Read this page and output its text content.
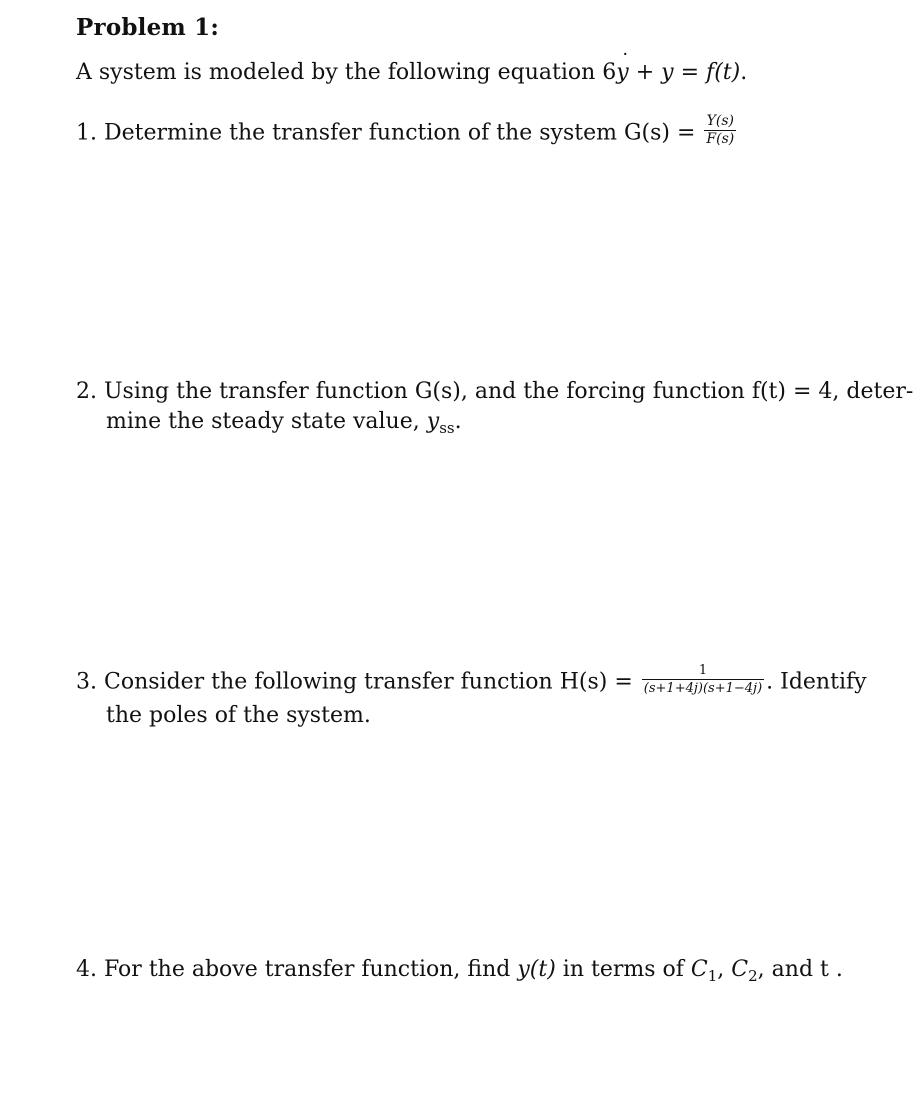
Problem 1:
A system is modeled by the following equation 6˙ y + y = f(t).
1. Determine the transfer function of the system $G(s) = \frac{Y(s)}{F(s)}$
2. Using the transfer function G(s), and the forcing function f(t) = 4, deter-
mine the steady state value, $y_{ss}$.
3. Consider the following transfer function $H(s) = \frac{1}{(s+1+4j)(s+1-4j)}$ . Identify
the poles of the system.
4. For the above transfer function, find y(t) in terms of $C_1$, $C_2$, and t .
